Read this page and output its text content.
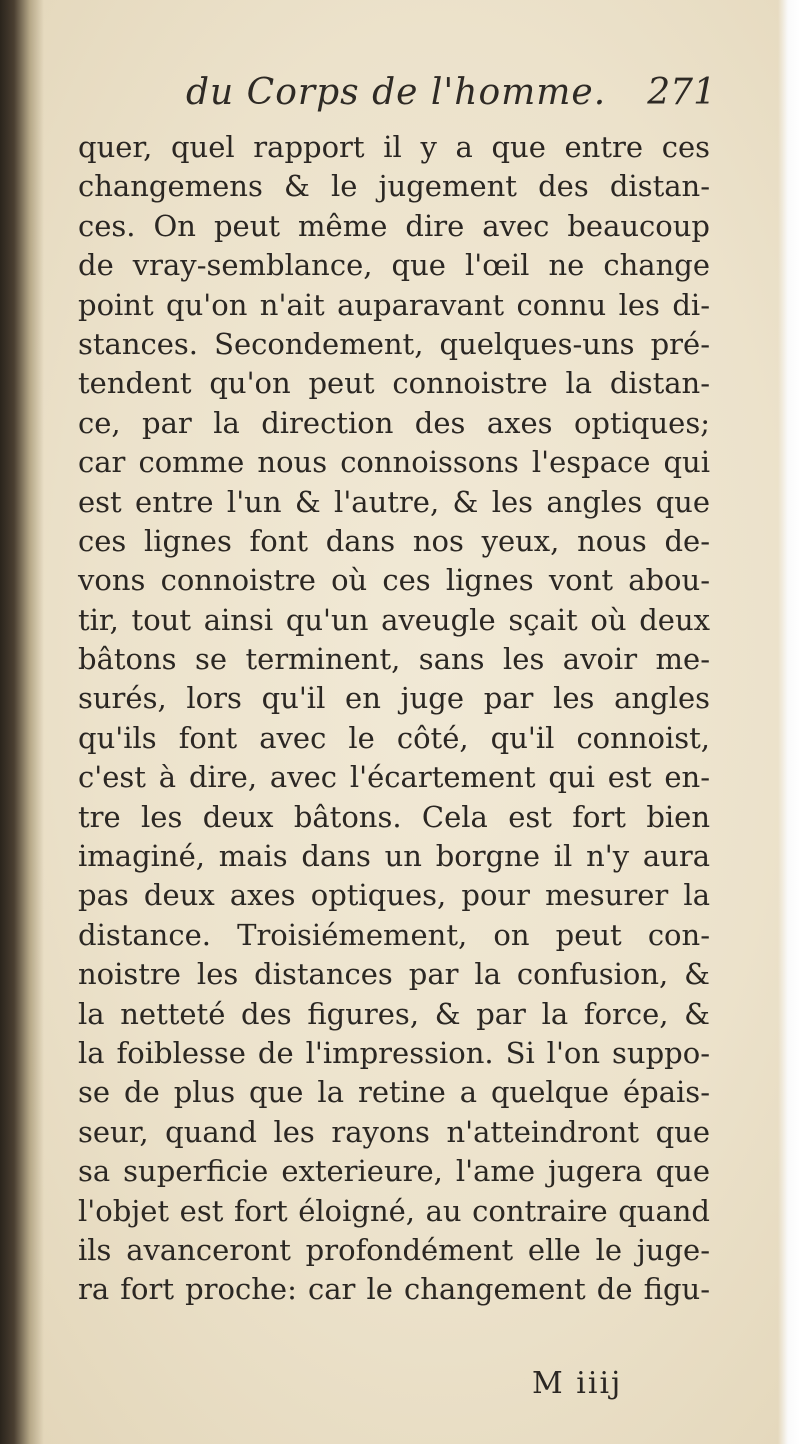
du Corps de l'homme. 271
quer, quel rapport il y a que entre ces
changemens & le jugement des distan-
ces. On peut même dire avec beaucoup
de vray-semblance, que l'œil ne change
point qu'on n'ait auparavant connu les di-
stances. Secondement, quelques-uns pré-
tendent qu'on peut connoistre la distan-
ce, par la direction des axes optiques;
car comme nous connoissons l'espace qui
est entre l'un & l'autre, & les angles que
ces lignes font dans nos yeux, nous de-
vons connoistre où ces lignes vont abou-
tir, tout ainsi qu'un aveugle sçait où deux
bâtons se terminent, sans les avoir me-
surés, lors qu'il en juge par les angles
qu'ils font avec le côté, qu'il connoist,
c'est à dire, avec l'écartement qui est en-
tre les deux bâtons. Cela est fort bien
imaginé, mais dans un borgne il n'y aura
pas deux axes optiques, pour mesurer la
distance. Troisiémement, on peut con-
noistre les distances par la confusion, &
la netteté des figures, & par la force, &
la foiblesse de l'impression. Si l'on suppo-
se de plus que la retine a quelque épais-
seur, quand les rayons n'atteindront que
sa superficie exterieure, l'ame jugera que
l'objet est fort éloigné, au contraire quand
ils avanceront profondément elle le juge-
ra fort proche: car le changement de figu-
M iiij
